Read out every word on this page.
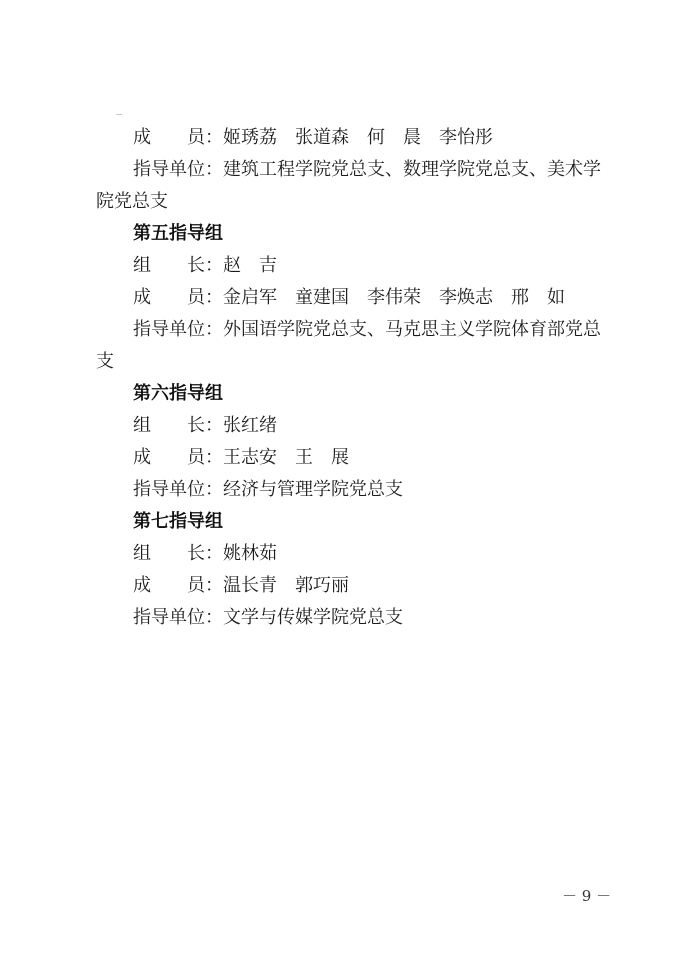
成　　员：姬琇荔　张道森　何　晨　李怡彤
指导单位：建筑工程学院党总支、数理学院党总支、美术学
院党总支
第五指导组
组　　长：赵　吉
成　　员：金启军　童建国　李伟荣　李焕志　邢　如
指导单位：外国语学院党总支、马克思主义学院体育部党总
支
第六指导组
组　　长：张红绪
成　　员：王志安　王　展
指导单位：经济与管理学院党总支
第七指导组
组　　长：姚林茹
成　　员：温长青　郭巧丽
指导单位：文学与传媒学院党总支
－ 9 －
